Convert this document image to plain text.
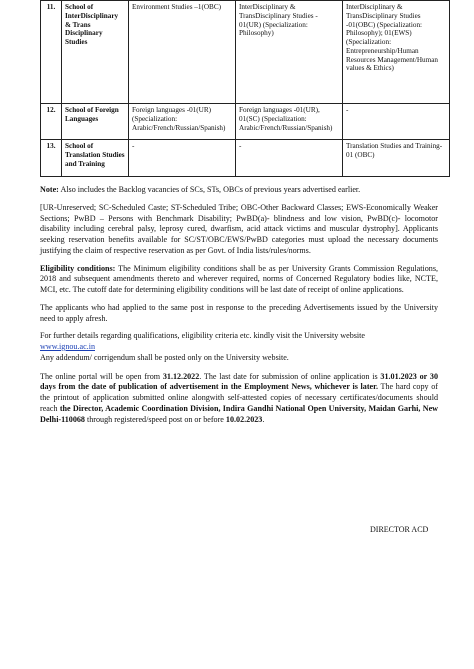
11.	School of InterDisciplinary & Trans Disciplinary Studies	Environment Studies –1(OBC)	InterDisciplinary & TransDisciplinary Studies - 01(UR) (Specialization: Philosophy)	InterDisciplinary & TransDisciplinary Studies -01(OBC) (Specialization: Philosophy); 01(EWS) (Specialization: Entrepreneurship/Human Resources Management/Human values & Ethics)
12.	School of Foreign Languages	Foreign languages -01(UR) (Specialization: Arabic/French/Russian/Spanish)	Foreign languages -01(UR), 01(SC) (Specialization: Arabic/French/Russian/Spanish)	-
13.	School of Translation Studies and Training	-	-	Translation Studies and Training- 01 (OBC)

Note: Also includes the Backlog vacancies of SCs, STs, OBCs of previous years advertised earlier.

[UR-Unreserved; SC-Scheduled Caste; ST-Scheduled Tribe; OBC-Other Backward Classes; EWS-Economically Weaker Sections; PwBD – Persons with Benchmark Disability; PwBD(a)- blindness and low vision, PwBD(c)- locomotor disability including cerebral palsy, leprosy cured, dwarfism, acid attack victims and muscular dystrophy]. Applicants seeking reservation benefits available for SC/ST/OBC/EWS/PwBD categories must upload the necessary documents justifying the claim of respective reservation as per Govt. of India lists/rules/norms.

Eligibility conditions: The Minimum eligibility conditions shall be as per University Grants Commission Regulations, 2018 and subsequent amendments thereto and wherever required, norms of Concerned Regulatory bodies like, NCTE, MCI, etc. The cutoff date for determining eligibility conditions will be last date of receipt of online applications.

The applicants who had applied to the same post in response to the preceding Advertisements issued by the University need to apply afresh.

For further details regarding qualifications, eligibility criteria etc. kindly visit the University website
www.ignou.ac.in
Any addendum/ corrigendum shall be posted only on the University website.

The online portal will be open from 31.12.2022. The last date for submission of online application is 31.01.2023 or 30 days from the date of publication of advertisement in the Employment News, whichever is later. The hard copy of the printout of application submitted online alongwith self-attested copies of necessary certificates/documents should reach the Director, Academic Coordination Division, Indira Gandhi National Open University, Maidan Garhi, New Delhi-110068 through registered/speed post on or before 10.02.2023.

DIRECTOR ACD
